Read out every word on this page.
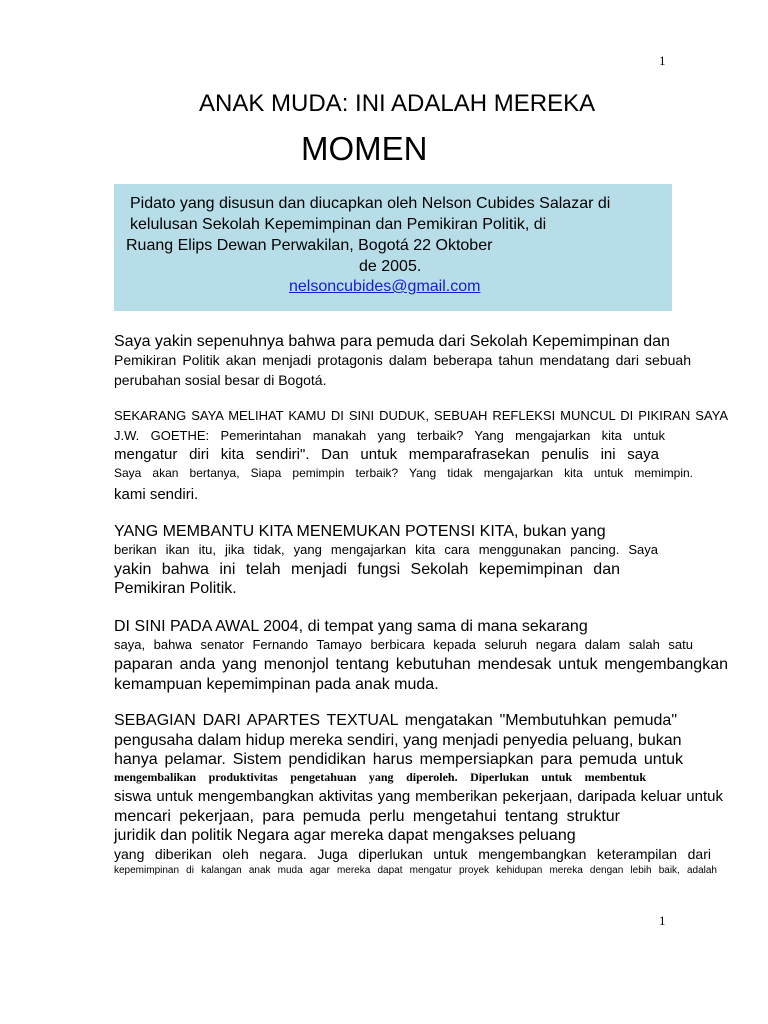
1
ANAK MUDA: INI ADALAH MEREKA
MOMEN
Pidato yang disusun dan diucapkan oleh Nelson Cubides Salazar di
kelulusan Sekolah Kepemimpinan dan Pemikiran Politik, di
Ruang Elips Dewan Perwakilan, Bogotá 22 Oktober
de 2005.
nelsoncubides@gmail.com
Saya yakin sepenuhnya bahwa para pemuda dari Sekolah Kepemimpinan dan
Pemikiran Politik akan menjadi protagonis dalam beberapa tahun mendatang dari sebuah
perubahan sosial besar di Bogotá.
SEKARANG SAYA MELIHAT KAMU DI SINI DUDUK, SEBUAH REFLEKSI MUNCUL DI PIKIRAN SAYA
J.W. GOETHE: Pemerintahan manakah yang terbaik? Yang mengajarkan kita untuk
mengatur diri kita sendiri". Dan untuk memparafrasekan penulis ini saya
Saya akan bertanya, Siapa pemimpin terbaik? Yang tidak mengajarkan kita untuk memimpin.
kami sendiri.
YANG MEMBANTU KITA MENEMUKAN POTENSI KITA, bukan yang
berikan ikan itu, jika tidak, yang mengajarkan kita cara menggunakan pancing. Saya
yakin bahwa ini telah menjadi fungsi Sekolah kepemimpinan dan
Pemikiran Politik.
DI SINI PADA AWAL 2004, di tempat yang sama di mana sekarang
saya, bahwa senator Fernando Tamayo berbicara kepada seluruh negara dalam salah satu
paparan anda yang menonjol tentang kebutuhan mendesak untuk mengembangkan
kemampuan kepemimpinan pada anak muda.
SEBAGIAN DARI APARTES TEXTUAL mengatakan "Membutuhkan pemuda"
pengusaha dalam hidup mereka sendiri, yang menjadi penyedia peluang, bukan
hanya pelamar. Sistem pendidikan harus mempersiapkan para pemuda untuk
mengembalikan produktivitas pengetahuan yang diperoleh. Diperlukan untuk membentuk
siswa untuk mengembangkan aktivitas yang memberikan pekerjaan, daripada keluar untuk
mencari pekerjaan, para pemuda perlu mengetahui tentang struktur
juridik dan politik Negara agar mereka dapat mengakses peluang
yang diberikan oleh negara. Juga diperlukan untuk mengembangkan keterampilan dari
kepemimpinan di kalangan anak muda agar mereka dapat mengatur proyek kehidupan mereka dengan lebih baik, adalah
1
